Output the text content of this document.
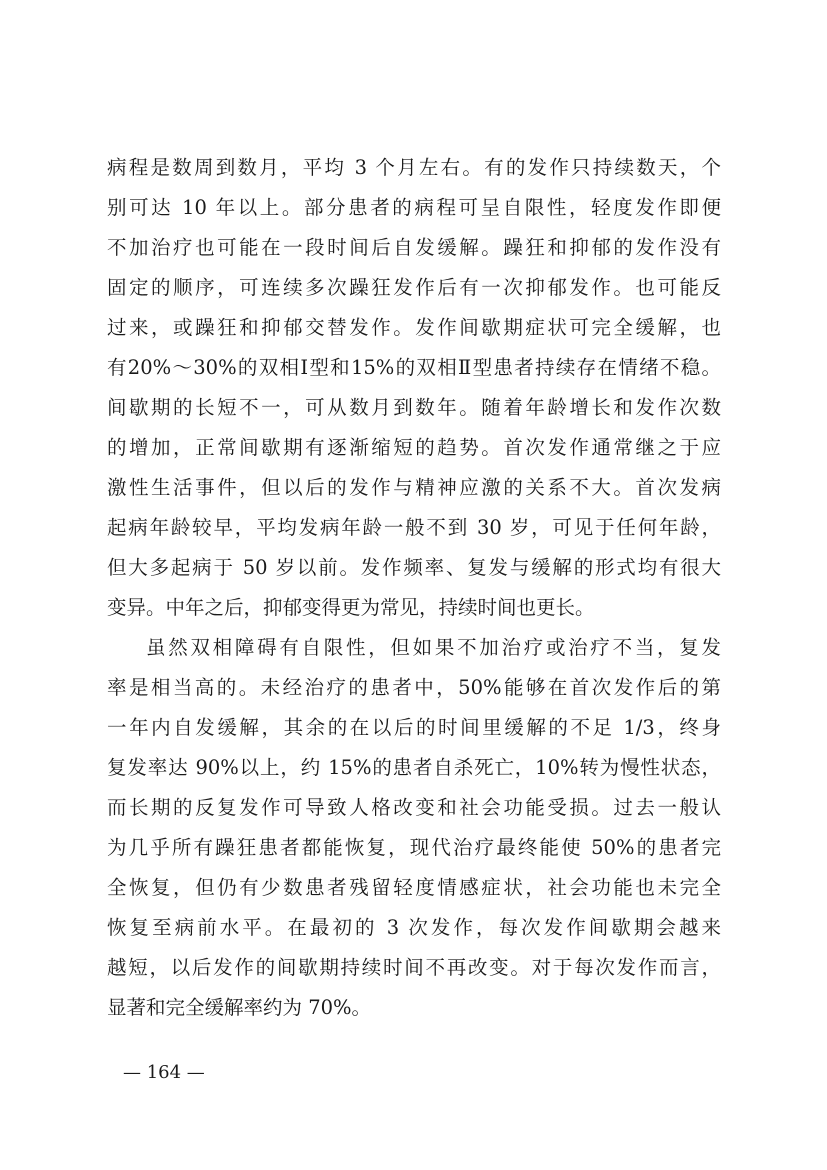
病程是数周到数月，平均 3 个月左右。有的发作只持续数天，个
别可达 10 年以上。部分患者的病程可呈自限性，轻度发作即便
不加治疗也可能在一段时间后自发缓解。躁狂和抑郁的发作没有
固定的顺序，可连续多次躁狂发作后有一次抑郁发作。也可能反
过来，或躁狂和抑郁交替发作。发作间歇期症状可完全缓解，也
有20%～30%的双相Ⅰ型和15%的双相Ⅱ型患者持续存在情绪不稳。
间歇期的长短不一，可从数月到数年。随着年龄增长和发作次数
的增加，正常间歇期有逐渐缩短的趋势。首次发作通常继之于应
激性生活事件，但以后的发作与精神应激的关系不大。首次发病
起病年龄较早，平均发病年龄一般不到 30 岁，可见于任何年龄，
但大多起病于 50 岁以前。发作频率、复发与缓解的形式均有很大
变异。中年之后，抑郁变得更为常见，持续时间也更长。
虽然双相障碍有自限性，但如果不加治疗或治疗不当，复发
率是相当高的。未经治疗的患者中，50%能够在首次发作后的第
一年内自发缓解，其余的在以后的时间里缓解的不足 1/3，终身
复发率达 90%以上，约 15%的患者自杀死亡，10%转为慢性状态，
而长期的反复发作可导致人格改变和社会功能受损。过去一般认
为几乎所有躁狂患者都能恢复，现代治疗最终能使 50%的患者完
全恢复，但仍有少数患者残留轻度情感症状，社会功能也未完全
恢复至病前水平。在最初的 3 次发作，每次发作间歇期会越来
越短，以后发作的间歇期持续时间不再改变。对于每次发作而言，
显著和完全缓解率约为 70%。
— 164 —
